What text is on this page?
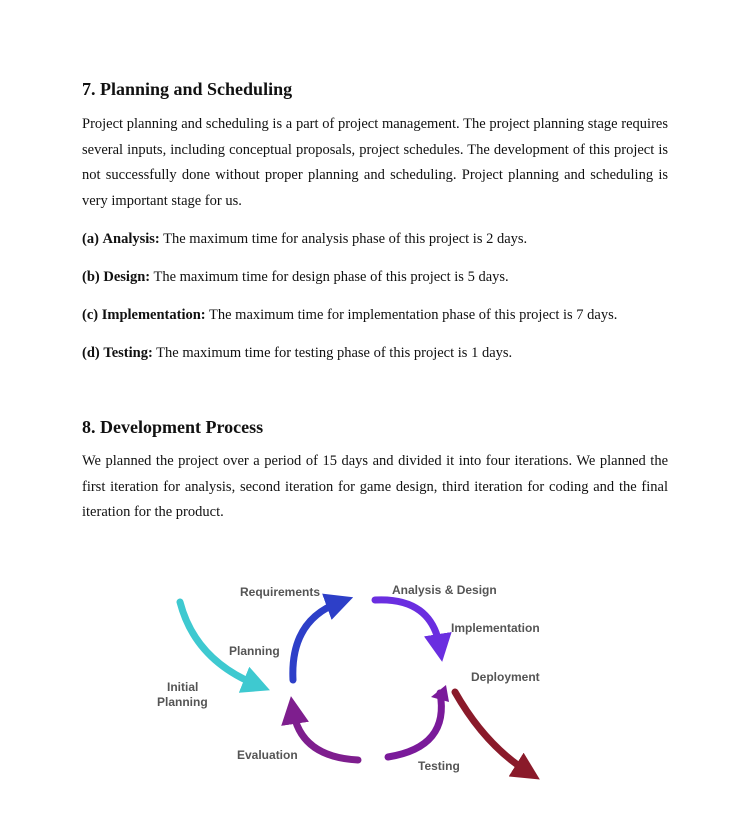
7. Planning and Scheduling

Project planning and scheduling is a part of project management. The project planning stage requires several inputs, including conceptual proposals, project schedules. The development of this project is not successfully done without proper planning and scheduling. Project planning and scheduling is very important stage for us.

(a) Analysis: The maximum time for analysis phase of this project is 2 days.

(b) Design: The maximum time for design phase of this project is 5 days.

(c) Implementation: The maximum time for implementation phase of this project is 7 days.

(d) Testing: The maximum time for testing phase of this project is 1 days.

8. Development Process

We planned the project over a period of 15 days and divided it into four iterations. We planned the first iteration for analysis, second iteration for game design, third iteration for coding and the final iteration for the product.

Requirements	Analysis & Design
Implementation
Planning
Deployment
Initial
Planning
Evaluation
Testing
